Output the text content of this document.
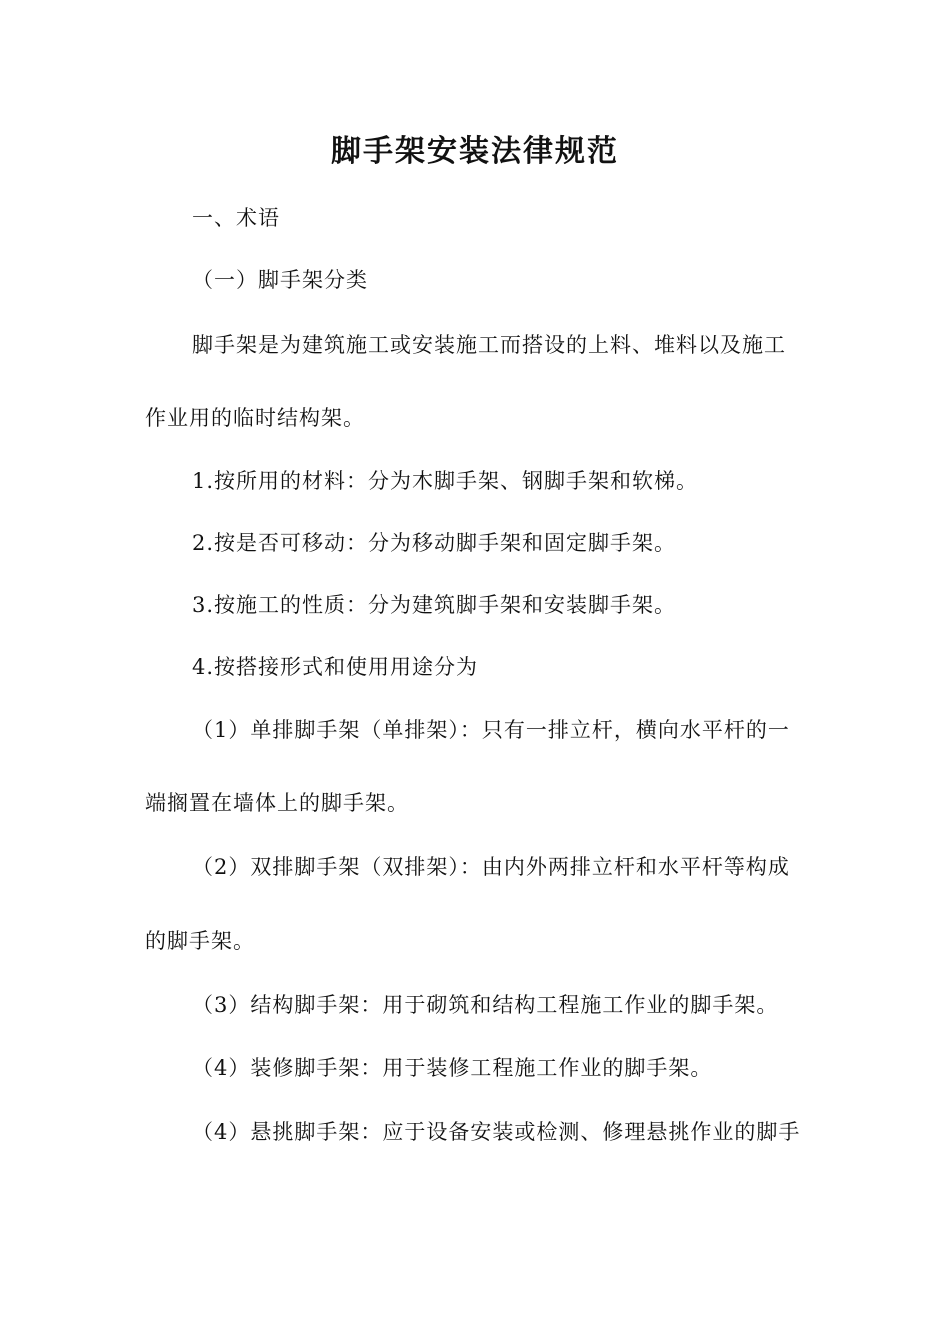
脚手架安装法律规范

一、术语

（一）脚手架分类

脚手架是为建筑施工或安装施工而搭设的上料、堆料以及施工

作业用的临时结构架。

1.按所用的材料：分为木脚手架、钢脚手架和软梯。

2.按是否可移动：分为移动脚手架和固定脚手架。

3.按施工的性质：分为建筑脚手架和安装脚手架。

4.按搭接形式和使用用途分为

（1）单排脚手架（单排架）：只有一排立杆，横向水平杆的一

端搁置在墙体上的脚手架。

（2）双排脚手架（双排架）：由内外两排立杆和水平杆等构成

的脚手架。

（3）结构脚手架：用于砌筑和结构工程施工作业的脚手架。

（4）装修脚手架：用于装修工程施工作业的脚手架。

（4）悬挑脚手架：应于设备安装或检测、修理悬挑作业的脚手
